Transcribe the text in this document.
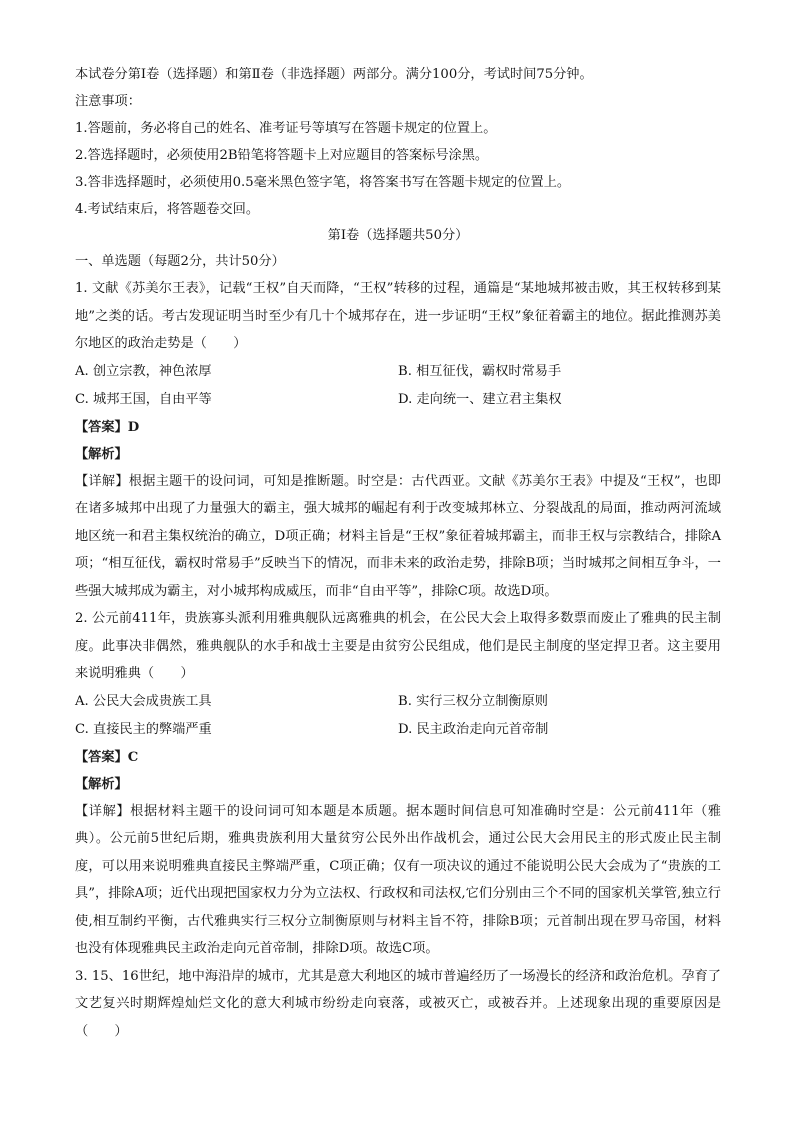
本试卷分第Ⅰ卷（选择题）和第Ⅱ卷（非选择题）两部分。满分100分，考试时间75分钟。
注意事项：
1.答题前，务必将自己的姓名、准考证号等填写在答题卡规定的位置上。
2.答选择题时，必须使用2B铅笔将答题卡上对应题目的答案标号涂黑。
3.答非选择题时，必须使用0.5毫米黑色签字笔，将答案书写在答题卡规定的位置上。
4.考试结束后，将答题卷交回。
第Ⅰ卷（选择题共50分）
一、单选题（每题2分，共计50分）

1. 文献《苏美尔王表》，记载“王权”自天而降，“王权”转移的过程，通篇是“某地城邦被击败，其王权转移到某地”之类的话。考古发现证明当时至少有几十个城邦存在，进一步证明“王权”象征着霸主的地位。据此推测苏美尔地区的政治走势是（　　）

A. 创立宗教，神色浓厚	B. 相互征伐，霸权时常易手
C. 城邦王国，自由平等	D. 走向统一、建立君主集权
【答案】D
【解析】

【详解】根据主题干的设问词，可知是推断题。时空是：古代西亚。文献《苏美尔王表》中提及“王权”，也即在诸多城邦中出现了力量强大的霸主，强大城邦的崛起有利于改变城邦林立、分裂战乱的局面，推动两河流域地区统一和君主集权统治的确立，D项正确；材料主旨是“王权”象征着城邦霸主，而非王权与宗教结合，排除A项；“相互征伐，霸权时常易手”反映当下的情况，而非未来的政治走势，排除B项；当时城邦之间相互争斗，一些强大城邦成为霸主，对小城邦构成威压，而非“自由平等”，排除C项。故选D项。

2. 公元前411年，贵族寡头派利用雅典舰队远离雅典的机会，在公民大会上取得多数票而废止了雅典的民主制度。此事决非偶然，雅典舰队的水手和战士主要是由贫穷公民组成，他们是民主制度的坚定捍卫者。这主要用来说明雅典（　　）

A. 公民大会成贵族工具	B. 实行三权分立制衡原则
C. 直接民主的弊端严重	D. 民主政治走向元首帝制
【答案】C
【解析】

【详解】根据材料主题干的设问词可知本题是本质题。据本题时间信息可知准确时空是：公元前411年（雅典）。公元前5世纪后期，雅典贵族利用大量贫穷公民外出作战机会，通过公民大会用民主的形式废止民主制度，可以用来说明雅典直接民主弊端严重，C项正确；仅有一项决议的通过不能说明公民大会成为了“贵族的工具”，排除A项；近代出现把国家权力分为立法权、行政权和司法权,它们分别由三个不同的国家机关掌管,独立行使,相互制约平衡，古代雅典实行三权分立制衡原则与材料主旨不符，排除B项；元首制出现在罗马帝国，材料也没有体现雅典民主政治走向元首帝制，排除D项。故选C项。

3. 15、16世纪，地中海沿岸的城市，尤其是意大利地区的城市普遍经历了一场漫长的经济和政治危机。孕育了文艺复兴时期辉煌灿烂文化的意大利城市纷纷走向衰落，或被灭亡，或被吞并。上述现象出现的重要原因是（　　）
